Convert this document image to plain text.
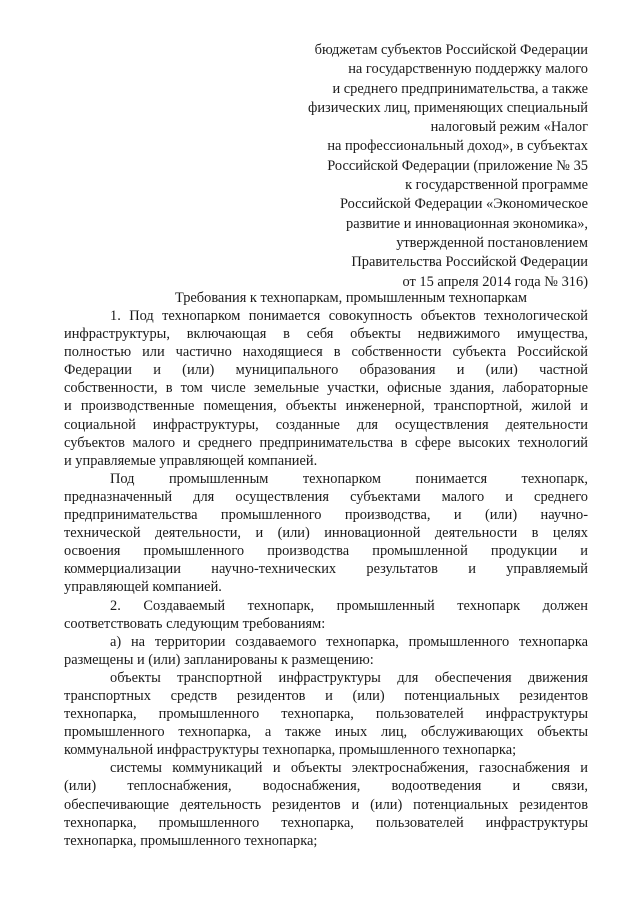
бюджетам субъектов Российской Федерации
на государственную поддержку малого
и среднего предпринимательства, а также
физических лиц, применяющих специальный
налоговый режим «Налог
на профессиональный доход», в субъектах
Российской Федерации (приложение № 35
к государственной программе
Российской Федерации «Экономическое
развитие и инновационная экономика»,
утвержденной постановлением
Правительства Российской Федерации
от 15 апреля 2014 года № 316)
Требования к технопаркам, промышленным технопаркам
1. Под технопарком понимается совокупность объектов технологической
инфраструктуры, включающая в себя объекты недвижимого имущества,
полностью или частично находящиеся в собственности субъекта Российской
Федерации и (или) муниципального образования и (или) частной
собственности, в том числе земельные участки, офисные здания, лабораторные
и производственные помещения, объекты инженерной, транспортной, жилой и
социальной инфраструктуры, созданные для осуществления деятельности
субъектов малого и среднего предпринимательства в сфере высоких технологий
и управляемые управляющей компанией.
Под промышленным технопарком понимается технопарк,
предназначенный для осуществления субъектами малого и среднего
предпринимательства промышленного производства, и (или) научно-
технической деятельности, и (или) инновационной деятельности в целях
освоения промышленного производства промышленной продукции и
коммерциализации научно-технических результатов и управляемый
управляющей компанией.
2. Создаваемый технопарк, промышленный технопарк должен
соответствовать следующим требованиям:
а) на территории создаваемого технопарка, промышленного технопарка
размещены и (или) запланированы к размещению:
объекты транспортной инфраструктуры для обеспечения движения
транспортных средств резидентов и (или) потенциальных резидентов
технопарка, промышленного технопарка, пользователей инфраструктуры
промышленного технопарка, а также иных лиц, обслуживающих объекты
коммунальной инфраструктуры технопарка, промышленного технопарка;
системы коммуникаций и объекты электроснабжения, газоснабжения и
(или) теплоснабжения, водоснабжения, водоотведения и связи,
обеспечивающие деятельность резидентов и (или) потенциальных резидентов
технопарка, промышленного технопарка, пользователей инфраструктуры
технопарка, промышленного технопарка;
